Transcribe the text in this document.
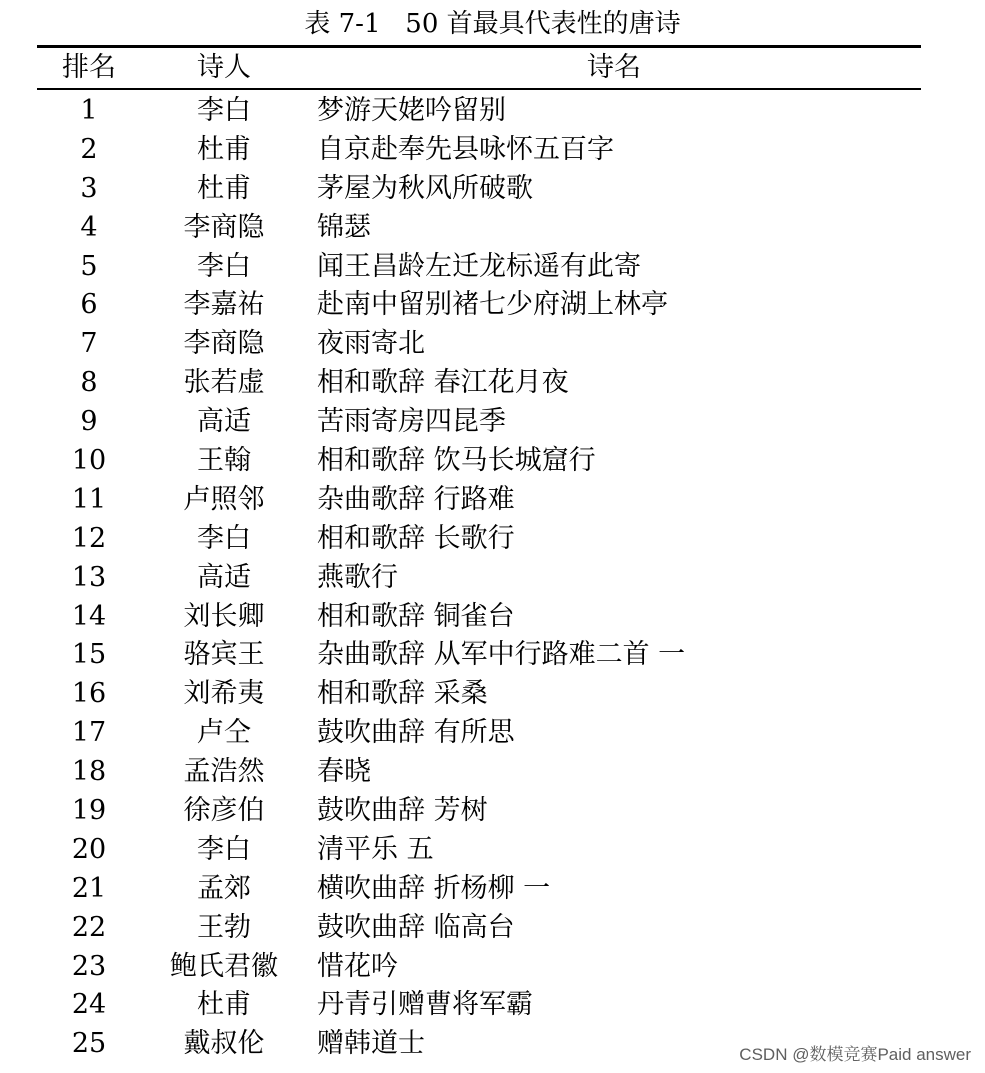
表 7-1   50 首最具代表性的唐诗
排名	诗人	诗名
1	李白	梦游天姥吟留别
2	杜甫	自京赴奉先县咏怀五百字
3	杜甫	茅屋为秋风所破歌
4	李商隐	锦瑟
5	李白	闻王昌龄左迁龙标遥有此寄
6	李嘉祐	赴南中留别褚七少府湖上林亭
7	李商隐	夜雨寄北
8	张若虚	相和歌辞 春江花月夜
9	高适	苦雨寄房四昆季
10	王翰	相和歌辞 饮马长城窟行
11	卢照邻	杂曲歌辞 行路难
12	李白	相和歌辞 长歌行
13	高适	燕歌行
14	刘长卿	相和歌辞 铜雀台
15	骆宾王	杂曲歌辞 从军中行路难二首 一
16	刘希夷	相和歌辞 采桑
17	卢仝	鼓吹曲辞 有所思
18	孟浩然	春晓
19	徐彦伯	鼓吹曲辞 芳树
20	李白	清平乐 五
21	孟郊	横吹曲辞 折杨柳 一
22	王勃	鼓吹曲辞 临高台
23	鲍氏君徽	惜花吟
24	杜甫	丹青引赠曹将军霸
25	戴叔伦	赠韩道士	CSDN @数模竞赛Paid answer
